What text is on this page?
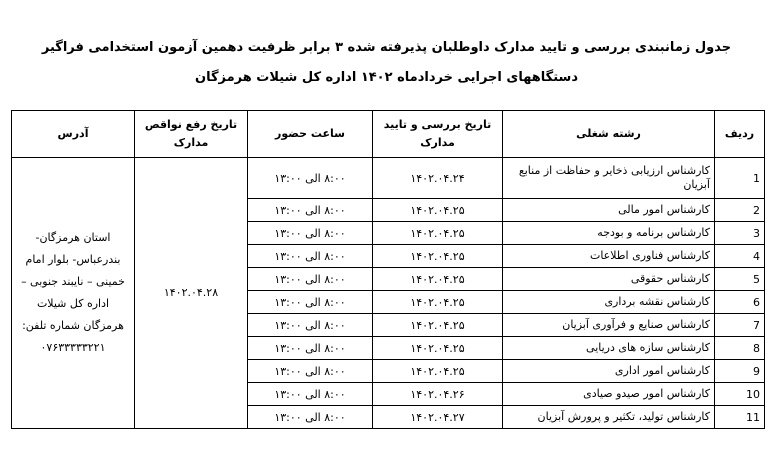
جدول زمانبندی بررسی و تایید مدارک داوطلبان پذیرفته شده ۳ برابر ظرفیت دهمین آزمون استخدامی فراگیر
دستگاههای اجرایی خردادماه ۱۴۰۲ اداره کل شیلات هرمزگان
ردیف	رشته شغلی	تاریخ بررسی و تایید مدارک	ساعت حضور	تاریخ رفع نواقص مدارک	آدرس
1	کارشناس ارزیابی ذخایر و حفاظت از منابع آبزیان	۱۴۰۲.۰۴.۲۴	۸:۰۰ الی ۱۳:۰۰	۱۴۰۲.۰۴.۲۸	استان هرمزگان-بندرعباس- بلوار امام خمینی – نایبند جنوبی – اداره کل شیلات هرمزگان شماره تلفن: ۰۷۶۳۳۳۳۳۲۲۱
2	کارشناس امور مالی	۱۴۰۲.۰۴.۲۵	۸:۰۰ الی ۱۳:۰۰		
3	کارشناس برنامه و بودجه	۱۴۰۲.۰۴.۲۵	۸:۰۰ الی ۱۳:۰۰		
4	کارشناس فناوری اطلاعات	۱۴۰۲.۰۴.۲۵	۸:۰۰ الی ۱۳:۰۰		
5	کارشناس حقوقی	۱۴۰۲.۰۴.۲۵	۸:۰۰ الی ۱۳:۰۰		
6	کارشناس نقشه برداری	۱۴۰۲.۰۴.۲۵	۸:۰۰ الی ۱۳:۰۰		
7	کارشناس صنایع و فرآوری آبزیان	۱۴۰۲.۰۴.۲۵	۸:۰۰ الی ۱۳:۰۰		
8	کارشناس سازه های دریایی	۱۴۰۲.۰۴.۲۵	۸:۰۰ الی ۱۳:۰۰		
9	کارشناس امور اداری	۱۴۰۲.۰۴.۲۵	۸:۰۰ الی ۱۳:۰۰		
10	کارشناس امور صیدو صیادی	۱۴۰۲.۰۴.۲۶	۸:۰۰ الی ۱۳:۰۰		
11	کارشناس تولید، تکثیر و پرورش آبزیان	۱۴۰۲.۰۴.۲۷	۸:۰۰ الی ۱۳:۰۰		
